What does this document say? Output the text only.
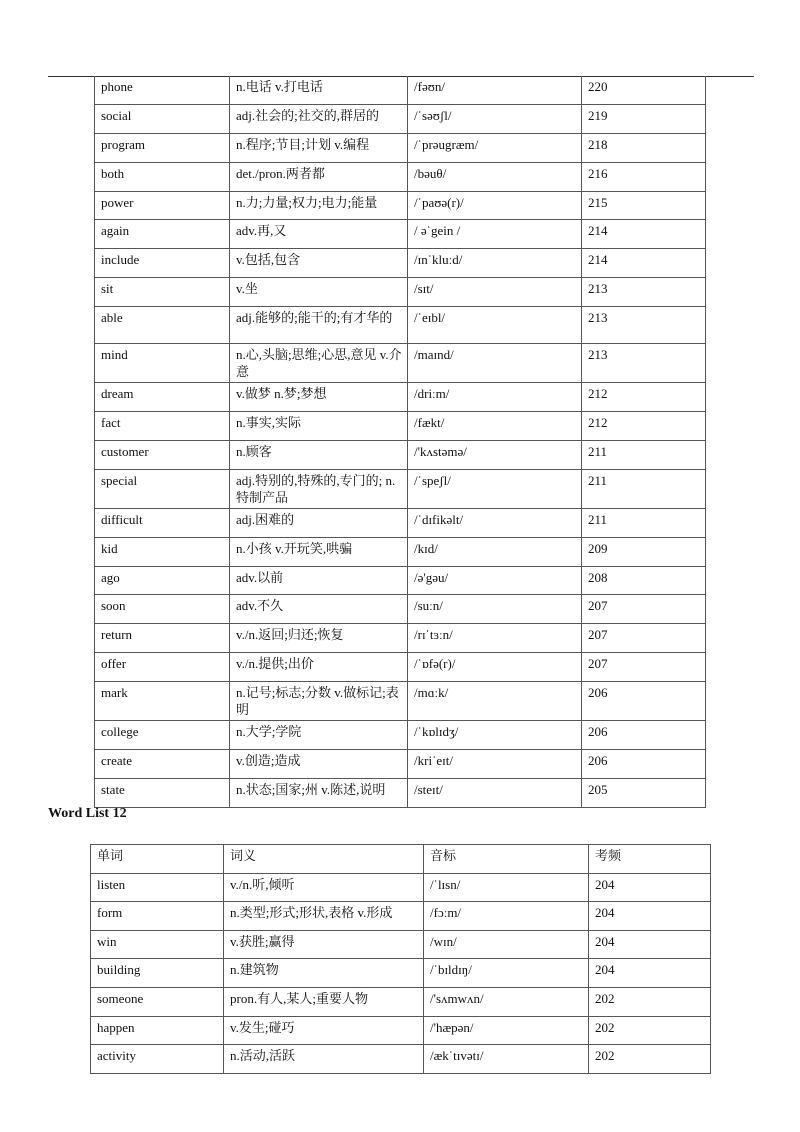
phone	n.电话 v.打电话	/fəʊn/	220
social	adj.社会的;社交的,群居的	/ˈsəʊʃl/	219
program	n.程序;节目;计划 v.编程	/ˈprəugræm/	218
both	det./pron.两者都	/bəuθ/	216
power	n.力;力量;权力;电力;能量	/ˈpaʊə(r)/	215
again	adv.再,又	/ əˈgein /	214
include	v.包括,包含	/ɪnˈkluːd/	214
sit	v.坐	/sɪt/	213
able	adj.能够的;能干的;有才华的	/ˈeɪbl/	213
mind	n.心,头脑;思维;心思,意见 v.介意	/maɪnd/	213
dream	v.做梦 n.梦;梦想	/driːm/	212
fact	n.事实,实际	/fækt/	212
customer	n.顾客	/'kʌstəmə/	211
special	adj.特别的,特殊的,专门的; n.特制产品	/ˈspeʃl/	211
difficult	adj.困难的	/ˈdɪfikəlt/	211
kid	n.小孩 v.开玩笑,哄骗	/kɪd/	209
ago	adv.以前	/ə'gəu/	208
soon	adv.不久	/suːn/	207
return	v./n.返回;归还;恢复	/rɪˈtɜːn/	207
offer	v./n.提供;出价	/ˈɒfə(r)/	207
mark	n.记号;标志;分数 v.做标记;表明	/mɑːk/	206
college	n.大学;学院	/ˈkɒlɪdʒ/	206
create	v.创造;造成	/kriˈeɪt/	206
state	n.状态;国家;州 v.陈述,说明	/steɪt/	205
Word List 12
单词	词义	音标	考频
listen	v./n.听,倾听	/ˈlɪsn/	204
form	n.类型;形式;形状,表格 v.形成	/fɔːm/	204
win	v.获胜;赢得	/wɪn/	204
building	n.建筑物	/ˈbɪldɪŋ/	204
someone	pron.有人,某人;重要人物	/'sʌmwʌn/	202
happen	v.发生;碰巧	/'hæpən/	202
activity	n.活动,活跃	/ækˈtɪvətɪ/	202
